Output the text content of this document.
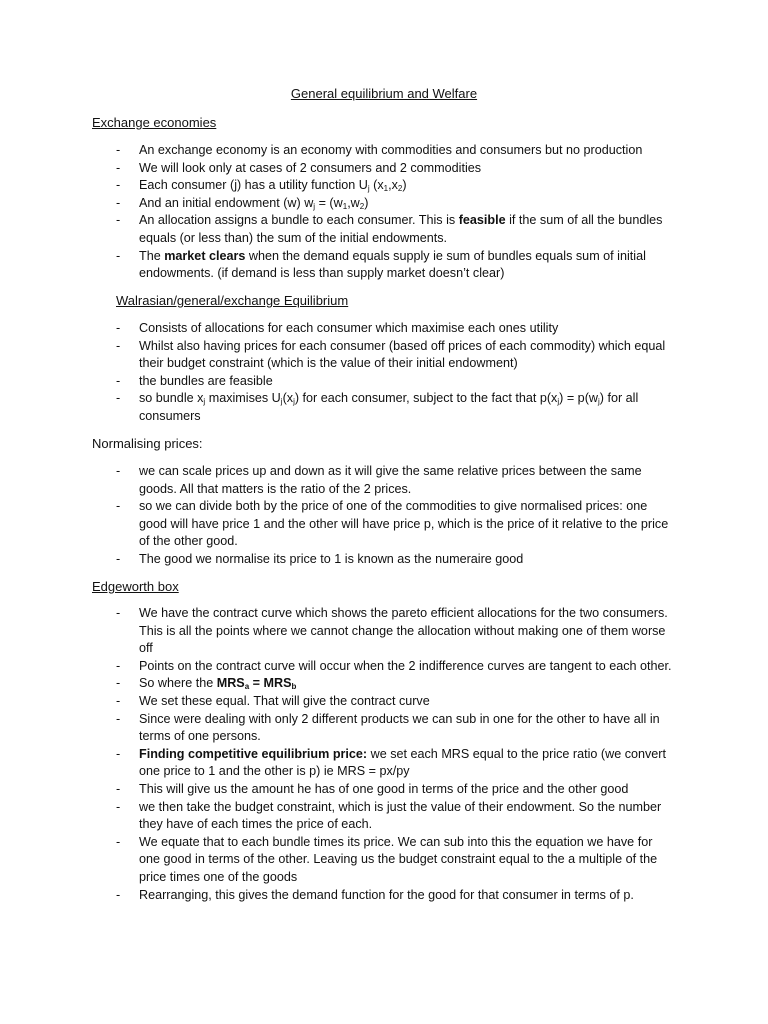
General equilibrium and Welfare
Exchange economies
- An exchange economy is an economy with commodities and consumers but no production
- We will look only at cases of 2 consumers and 2 commodities
- Each consumer (j) has a utility function $U_j$ $(x_1,x_2)$
- And an initial endowment (w) $w_j = (w_1,w_2)$
- An allocation assigns a bundle to each consumer. This is feasible if the sum of all the bundles equals (or less than) the sum of the initial endowments.
- The market clears when the demand equals supply ie sum of bundles equals sum of initial endowments. (if demand is less than supply market doesn’t clear)
Walrasian/general/exchange Equilibrium
- Consists of allocations for each consumer which maximise each ones utility
- Whilst also having prices for each consumer (based off prices of each commodity) which equal their budget constraint (which is the value of their initial endowment)
- the bundles are feasible
- so bundle $x_j$ maximises $U_j(x_j)$ for each consumer, subject to the fact that $p(x_j) = p(w_j)$ for all consumers
Normalising prices:
- we can scale prices up and down as it will give the same relative prices between the same goods. All that matters is the ratio of the 2 prices.
- so we can divide both by the price of one of the commodities to give normalised prices: one good will have price 1 and the other will have price p, which is the price of it relative to the price of the other good.
- The good we normalise its price to 1 is known as the numeraire good
Edgeworth box
- We have the contract curve which shows the pareto efficient allocations for the two consumers. This is all the points where we cannot change the allocation without making one of them worse off
- Points on the contract curve will occur when the 2 indifference curves are tangent to each other.
- So where the $MRS_a = MRS_b$
- We set these equal. That will give the contract curve
- Since were dealing with only 2 different products we can sub in one for the other to have all in terms of one persons.
- Finding competitive equilibrium price: we set each MRS equal to the price ratio (we convert one price to 1 and the other is p) ie MRS = px/py
- This will give us the amount he has of one good in terms of the price and the other good
- we then take the budget constraint, which is just the value of their endowment. So the number they have of each times the price of each.
- We equate that to each bundle times its price. We can sub into this the equation we have for one good in terms of the other. Leaving us the budget constraint equal to the a multiple of the price times one of the goods
- Rearranging, this gives the demand function for the good for that consumer in terms of p.
